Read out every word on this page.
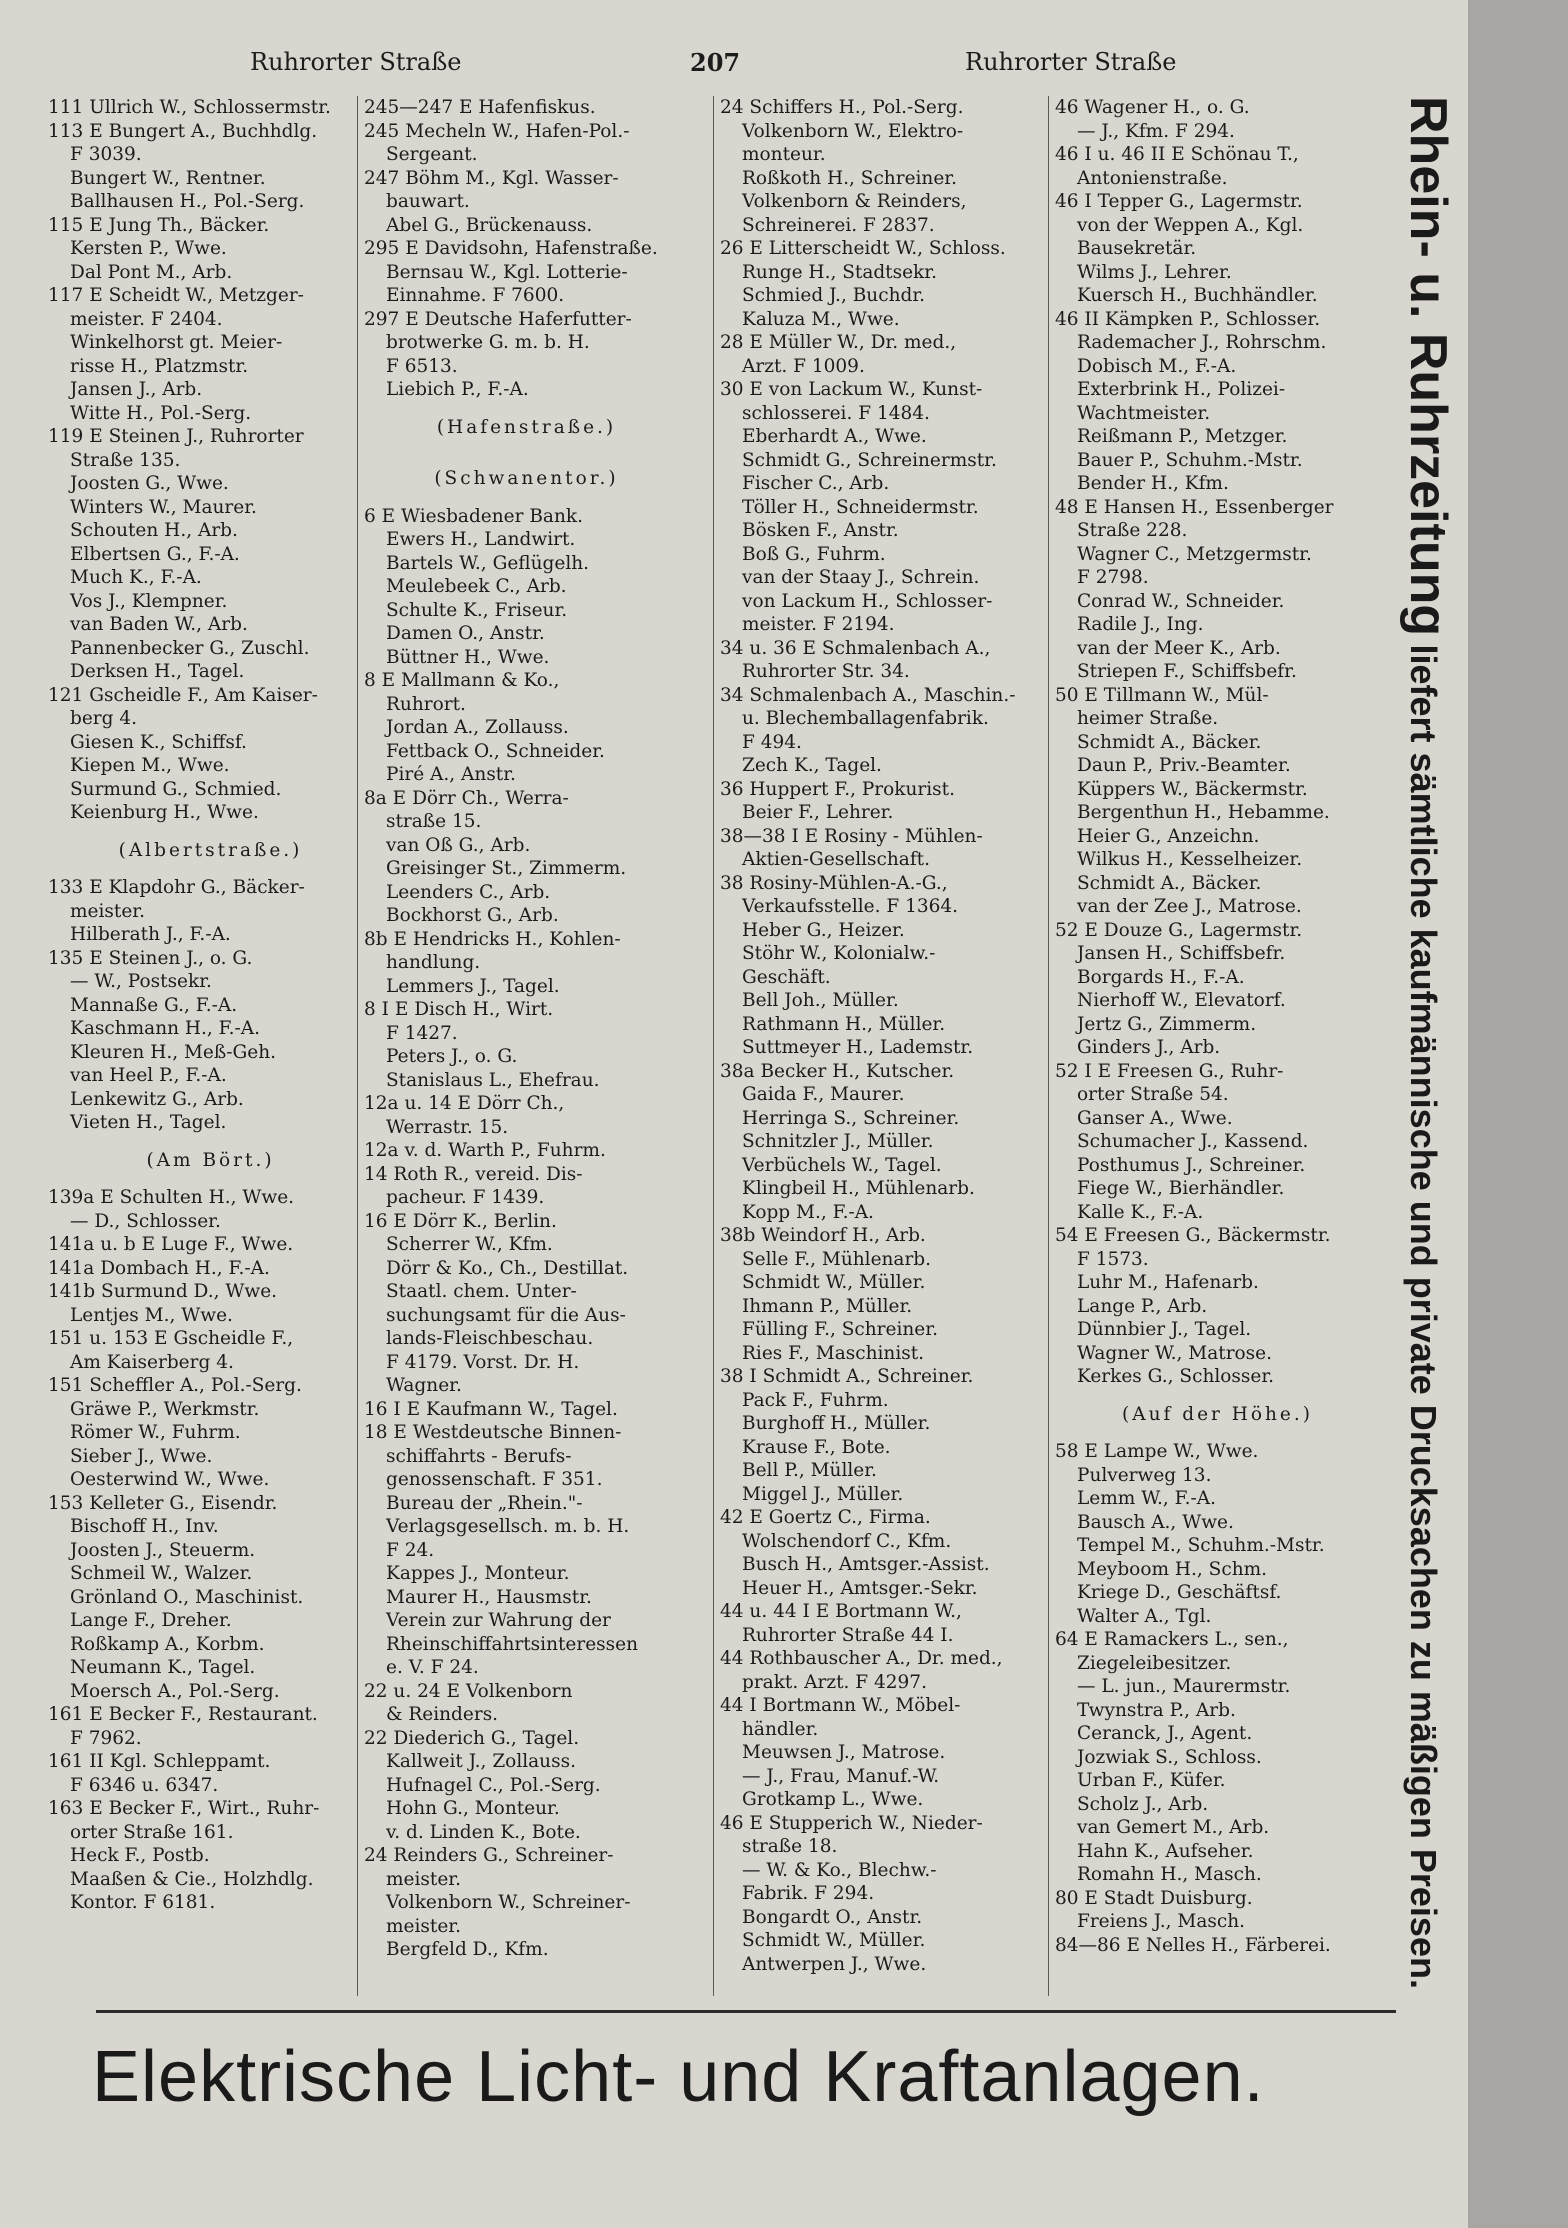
Ruhrorter Straße	207	Ruhrorter Straße
111 Ullrich W., Schlossermstr.
113 E Bungert A., Buchhdlg.
F 3039.
Bungert W., Rentner.
Ballhausen H., Pol.-Serg.
115 E Jung Th., Bäcker.
Kersten P., Wwe.
Dal Pont M., Arb.
117 E Scheidt W., Metzger-
meister. F 2404.
Winkelhorst gt. Meier-
risse H., Platzmstr.
Jansen J., Arb.
Witte H., Pol.-Serg.
119 E Steinen J., Ruhrorter
Straße 135.
Joosten G., Wwe.
Winters W., Maurer.
Schouten H., Arb.
Elbertsen G., F.-A.
Much K., F.-A.
Vos J., Klempner.
van Baden W., Arb.
Pannenbecker G., Zuschl.
Derksen H., Tagel.
121 Gscheidle F., Am Kaiser-
berg 4.
Giesen K., Schiffsf.
Kiepen M., Wwe.
Surmund G., Schmied.
Keienburg H., Wwe.
(Albertstraße.)
133 E Klapdohr G., Bäcker-
meister.
Hilberath J., F.-A.
135 E Steinen J., o. G.
— W., Postsekr.
Mannaße G., F.-A.
Kaschmann H., F.-A.
Kleuren H., Meß-Geh.
van Heel P., F.-A.
Lenkewitz G., Arb.
Vieten H., Tagel.
(Am Bört.)
139a E Schulten H., Wwe.
— D., Schlosser.
141a u. b E Luge F., Wwe.
141a Dombach H., F.-A.
141b Surmund D., Wwe.
Lentjes M., Wwe.
151 u. 153 E Gscheidle F.,
Am Kaiserberg 4.
151 Scheffler A., Pol.-Serg.
Gräwe P., Werkmstr.
Römer W., Fuhrm.
Sieber J., Wwe.
Oesterwind W., Wwe.
153 Kelleter G., Eisendr.
Bischoff H., Inv.
Joosten J., Steuerm.
Schmeil W., Walzer.
Grönland O., Maschinist.
Lange F., Dreher.
Roßkamp A., Korbm.
Neumann K., Tagel.
Moersch A., Pol.-Serg.
161 E Becker F., Restaurant.
F 7962.
161 II Kgl. Schleppamt.
F 6346 u. 6347.
163 E Becker F., Wirt., Ruhr-
orter Straße 161.
Heck F., Postb.
Maaßen & Cie., Holzhdlg.
Kontor. F 6181.
245—247 E Hafenfiskus.
245 Mecheln W., Hafen-Pol.-
Sergeant.
247 Böhm M., Kgl. Wasser-
bauwart.
Abel G., Brückenauss.
295 E Davidsohn, Hafenstraße.
Bernsau W., Kgl. Lotterie-
Einnahme. F 7600.
297 E Deutsche Haferfutter-
brotwerke G. m. b. H.
F 6513.
Liebich P., F.-A.
(Hafenstraße.)
(Schwanentor.)
6 E Wiesbadener Bank.
Ewers H., Landwirt.
Bartels W., Geflügelh.
Meulebeek C., Arb.
Schulte K., Friseur.
Damen O., Anstr.
Büttner H., Wwe.
8 E Mallmann & Ko.,
Ruhrort.
Jordan A., Zollauss.
Fettback O., Schneider.
Piré A., Anstr.
8a E Dörr Ch., Werra-
straße 15.
van Oß G., Arb.
Greisinger St., Zimmerm.
Leenders C., Arb.
Bockhorst G., Arb.
8b E Hendricks H., Kohlen-
handlung.
Lemmers J., Tagel.
8 I E Disch H., Wirt.
F 1427.
Peters J., o. G.
Stanislaus L., Ehefrau.
12a u. 14 E Dörr Ch.,
Werrastr. 15.
12a v. d. Warth P., Fuhrm.
14 Roth R., vereid. Dis-
pacheur. F 1439.
16 E Dörr K., Berlin.
Scherrer W., Kfm.
Dörr & Ko., Ch., Destillat.
Staatl. chem. Unter-
suchungsamt für die Aus-
lands-Fleischbeschau.
F 4179. Vorst. Dr. H.
Wagner.
16 I E Kaufmann W., Tagel.
18 E Westdeutsche Binnen-
schiffahrts - Berufs-
genossenschaft. F 351.
Bureau der „Rhein."-
Verlagsgesellsch. m. b. H.
F 24.
Kappes J., Monteur.
Maurer H., Hausmstr.
Verein zur Wahrung der
Rheinschiffahrtsinteressen
e. V. F 24.
22 u. 24 E Volkenborn
& Reinders.
22 Diederich G., Tagel.
Kallweit J., Zollauss.
Hufnagel C., Pol.-Serg.
Hohn G., Monteur.
v. d. Linden K., Bote.
24 Reinders G., Schreiner-
meister.
Volkenborn W., Schreiner-
meister.
Bergfeld D., Kfm.
24 Schiffers H., Pol.-Serg.
Volkenborn W., Elektro-
monteur.
Roßkoth H., Schreiner.
Volkenborn & Reinders,
Schreinerei. F 2837.
26 E Litterscheidt W., Schloss.
Runge H., Stadtsekr.
Schmied J., Buchdr.
Kaluza M., Wwe.
28 E Müller W., Dr. med.,
Arzt. F 1009.
30 E von Lackum W., Kunst-
schlosserei. F 1484.
Eberhardt A., Wwe.
Schmidt G., Schreinermstr.
Fischer C., Arb.
Töller H., Schneidermstr.
Bösken F., Anstr.
Boß G., Fuhrm.
van der Staay J., Schrein.
von Lackum H., Schlosser-
meister. F 2194.
34 u. 36 E Schmalenbach A.,
Ruhrorter Str. 34.
34 Schmalenbach A., Maschin.-
u. Blechemballagenfabrik.
F 494.
Zech K., Tagel.
36 Huppert F., Prokurist.
Beier F., Lehrer.
38—38 I E Rosiny - Mühlen-
Aktien-Gesellschaft.
38 Rosiny-Mühlen-A.-G.,
Verkaufsstelle. F 1364.
Heber G., Heizer.
Stöhr W., Kolonialw.-
Geschäft.
Bell Joh., Müller.
Rathmann H., Müller.
Suttmeyer H., Lademstr.
38a Becker H., Kutscher.
Gaida F., Maurer.
Herringa S., Schreiner.
Schnitzler J., Müller.
Verbüchels W., Tagel.
Klingbeil H., Mühlenarb.
Kopp M., F.-A.
38b Weindorf H., Arb.
Selle F., Mühlenarb.
Schmidt W., Müller.
Ihmann P., Müller.
Fülling F., Schreiner.
Ries F., Maschinist.
38 I Schmidt A., Schreiner.
Pack F., Fuhrm.
Burghoff H., Müller.
Krause F., Bote.
Bell P., Müller.
Miggel J., Müller.
42 E Goertz C., Firma.
Wolschendorf C., Kfm.
Busch H., Amtsger.-Assist.
Heuer H., Amtsger.-Sekr.
44 u. 44 I E Bortmann W.,
Ruhrorter Straße 44 I.
44 Rothbauscher A., Dr. med.,
prakt. Arzt. F 4297.
44 I Bortmann W., Möbel-
händler.
Meuwsen J., Matrose.
— J., Frau, Manuf.-W.
Grotkamp L., Wwe.
46 E Stupperich W., Nieder-
straße 18.
— W. & Ko., Blechw.-
Fabrik. F 294.
Bongardt O., Anstr.
Schmidt W., Müller.
Antwerpen J., Wwe.
46 Wagener H., o. G.
— J., Kfm. F 294.
46 I u. 46 II E Schönau T.,
Antonienstraße.
46 I Tepper G., Lagermstr.
von der Weppen A., Kgl.
Bausekretär.
Wilms J., Lehrer.
Kuersch H., Buchhändler.
46 II Kämpken P., Schlosser.
Rademacher J., Rohrschm.
Dobisch M., F.-A.
Exterbrink H., Polizei-
Wachtmeister.
Reißmann P., Metzger.
Bauer P., Schuhm.-Mstr.
Bender H., Kfm.
48 E Hansen H., Essenberger
Straße 228.
Wagner C., Metzgermstr.
F 2798.
Conrad W., Schneider.
Radile J., Ing.
van der Meer K., Arb.
Striepen F., Schiffsbefr.
50 E Tillmann W., Mül-
heimer Straße.
Schmidt A., Bäcker.
Daun P., Priv.-Beamter.
Küppers W., Bäckermstr.
Bergenthun H., Hebamme.
Heier G., Anzeichn.
Wilkus H., Kesselheizer.
Schmidt A., Bäcker.
van der Zee J., Matrose.
52 E Douze G., Lagermstr.
Jansen H., Schiffsbefr.
Borgards H., F.-A.
Nierhoff W., Elevatorf.
Jertz G., Zimmerm.
Ginders J., Arb.
52 I E Freesen G., Ruhr-
orter Straße 54.
Ganser A., Wwe.
Schumacher J., Kassend.
Posthumus J., Schreiner.
Fiege W., Bierhändler.
Kalle K., F.-A.
54 E Freesen G., Bäckermstr.
F 1573.
Luhr M., Hafenarb.
Lange P., Arb.
Dünnbier J., Tagel.
Wagner W., Matrose.
Kerkes G., Schlosser.
(Auf der Höhe.)
58 E Lampe W., Wwe.
Pulverweg 13.
Lemm W., F.-A.
Bausch A., Wwe.
Tempel M., Schuhm.-Mstr.
Meyboom H., Schm.
Kriege D., Geschäftsf.
Walter A., Tgl.
64 E Ramackers L., sen.,
Ziegeleibesitzer.
— L. jun., Maurermstr.
Twynstra P., Arb.
Ceranck, J., Agent.
Jozwiak S., Schloss.
Urban F., Küfer.
Scholz J., Arb.
van Gemert M., Arb.
Hahn K., Aufseher.
Romahn H., Masch.
80 E Stadt Duisburg.
Freiens J., Masch.
84—86 E Nelles H., Färberei.
Rhein- u. Ruhrzeitung liefert sämtliche kaufmännische und private Drucksachen zu mäßigen Preisen.
Elektrische Licht- und Kraftanlagen.
